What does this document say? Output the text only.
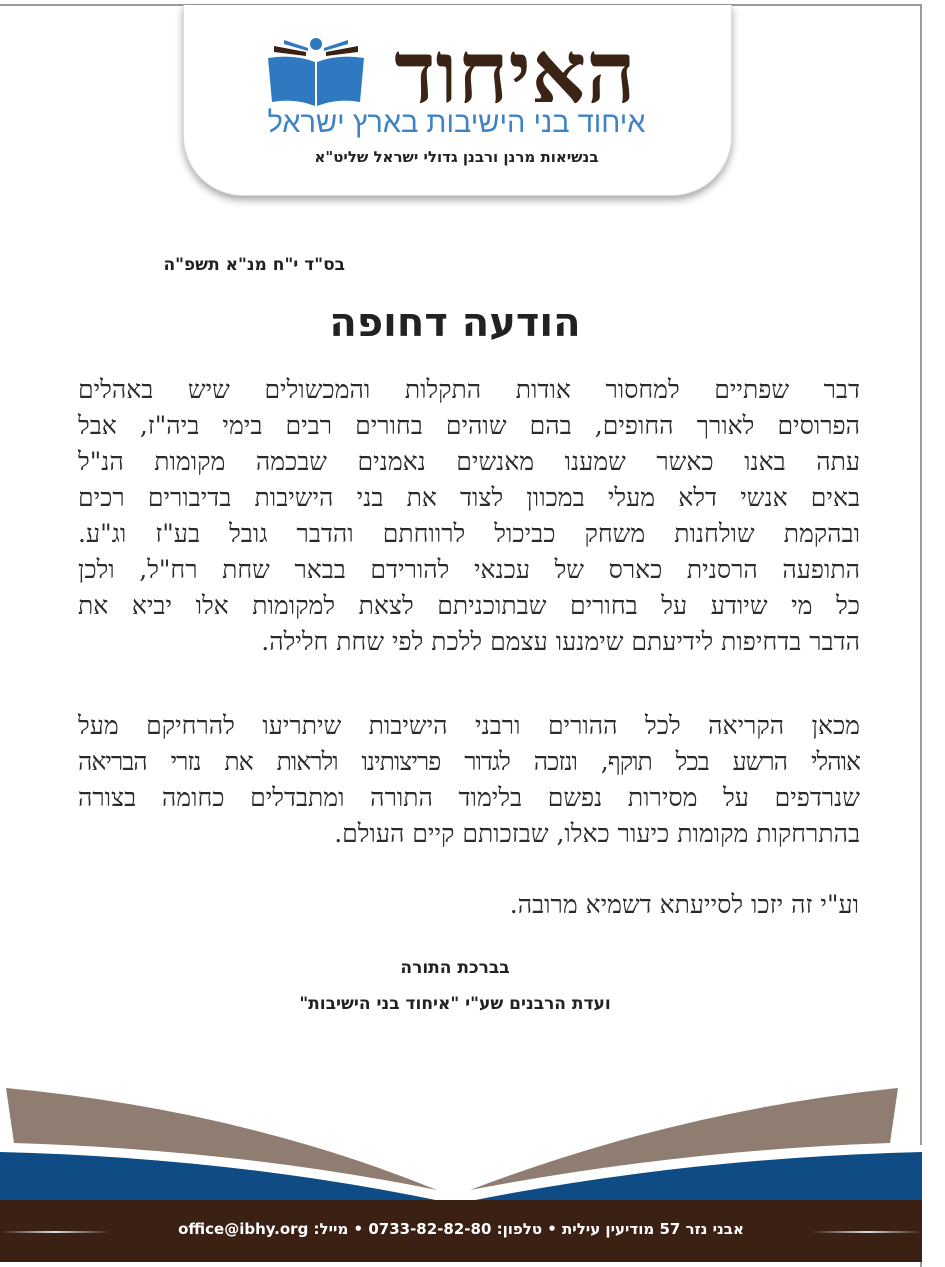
האיחוד
איחוד בני הישיבות בארץ ישראל
בנשיאות מרנן ורבנן גדולי ישראל שליט"א
בס"ד י"ח מנ"א תשפ"ה
הודעה דחופה
דבר שפתיים למחסור אודות התקלות והמכשולים שיש באהלים
הפרוסים לאורך החופים, בהם שוהים בחורים רבים בימי ביה"ז, אבל
עתה באנו כאשר שמענו מאנשים נאמנים שבכמה מקומות הנ"ל
באים אנשי דלא מעלי במכוון לצוד את בני הישיבות בדיבורים רכים
ובהקמת שולחנות משחק כביכול לרווחתם והדבר גובל בע"ז וג"ע.
התופעה הרסנית כארס של עכנאי להורידם בבאר שחת רח"ל, ולכן
כל מי שיודע על בחורים שבתוכניתם לצאת למקומות אלו יביא את
הדבר בדחיפות לידיעתם שימנעו עצמם ללכת לפי שחת חלילה.
מכאן הקריאה לכל ההורים ורבני הישיבות שיתריעו להרחיקם מעל
אוהלי הרשע בכל תוקף, ונזכה לגדור פריצותינו ולראות את נזרי הבריאה
שנרדפים על מסירות נפשם בלימוד התורה ומתבדלים כחומה בצורה
בהתרחקות מקומות כיעור כאלו, שבזכותם קיים העולם.
וע"י זה יזכו לסייעתא דשמיא מרובה.
בברכת התורה
ועדת הרבנים שע"י "איחוד בני הישיבות"
אבני נזר 57 מודיעין עילית • טלפון: 0733-82-82-80 • מייל: office@ibhy.org
